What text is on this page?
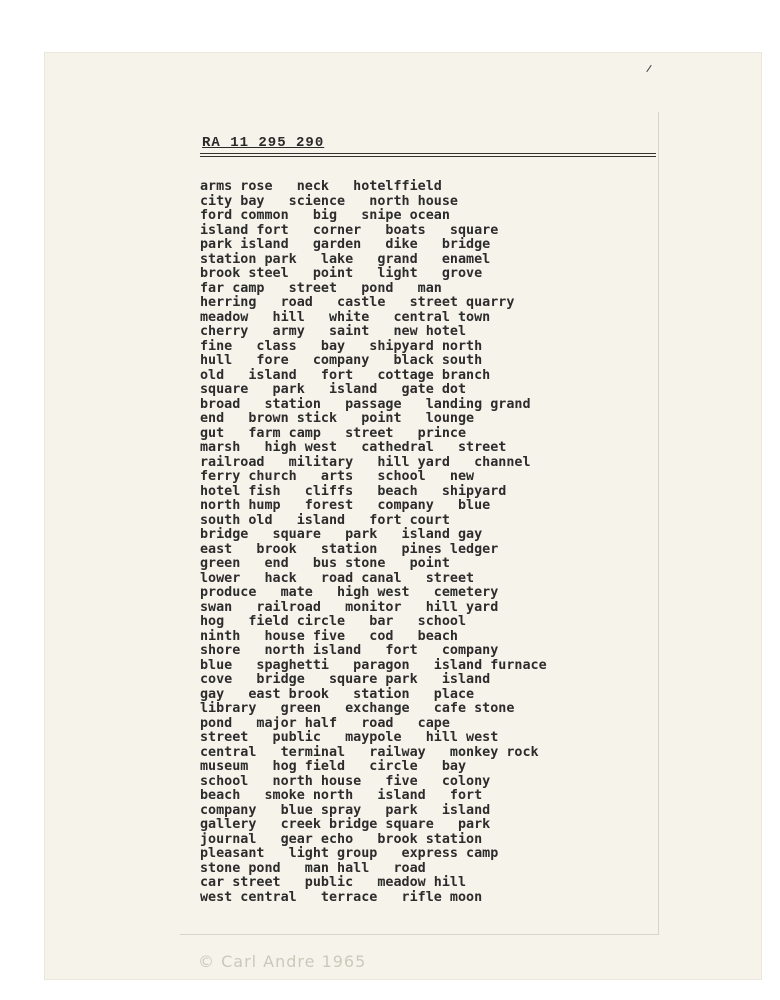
RA 11 295 290
arms rose   neck   hotelffield
city bay   science   north house
ford common   big   snipe ocean
island fort   corner   boats   square
park island   garden   dike   bridge
station park   lake   grand   enamel
brook steel   point   light   grove
far camp   street   pond   man
herring   road   castle   street quarry
meadow   hill   white   central town
cherry   army   saint   new hotel
fine   class   bay   shipyard north
hull   fore   company   black south
old   island   fort   cottage branch
square   park   island   gate dot
broad   station   passage   landing grand
end   brown stick   point   lounge
gut   farm camp   street   prince
marsh   high west   cathedral   street
railroad   military   hill yard   channel
ferry church   arts   school   new
hotel fish   cliffs   beach   shipyard
north hump   forest   company   blue
south old   island   fort court
bridge   square   park   island gay
east   brook   station   pines ledger
green   end   bus stone   point
lower   hack   road canal   street
produce   mate   high west   cemetery
swan   railroad   monitor   hill yard
hog   field circle   bar   school
ninth   house five   cod   beach
shore   north island   fort   company
blue   spaghetti   paragon   island furnace
cove   bridge   square park   island
gay   east brook   station   place
library   green   exchange   cafe stone
pond   major half   road   cape
street   public   maypole   hill west
central   terminal   railway   monkey rock
museum   hog field   circle   bay
school   north house   five   colony
beach   smoke north   island   fort
company   blue spray   park   island
gallery   creek bridge square   park
journal   gear echo   brook station
pleasant   light group   express camp
stone pond   man hall   road
car street   public   meadow hill
west central   terrace   rifle moon

© Carl Andre 1965
